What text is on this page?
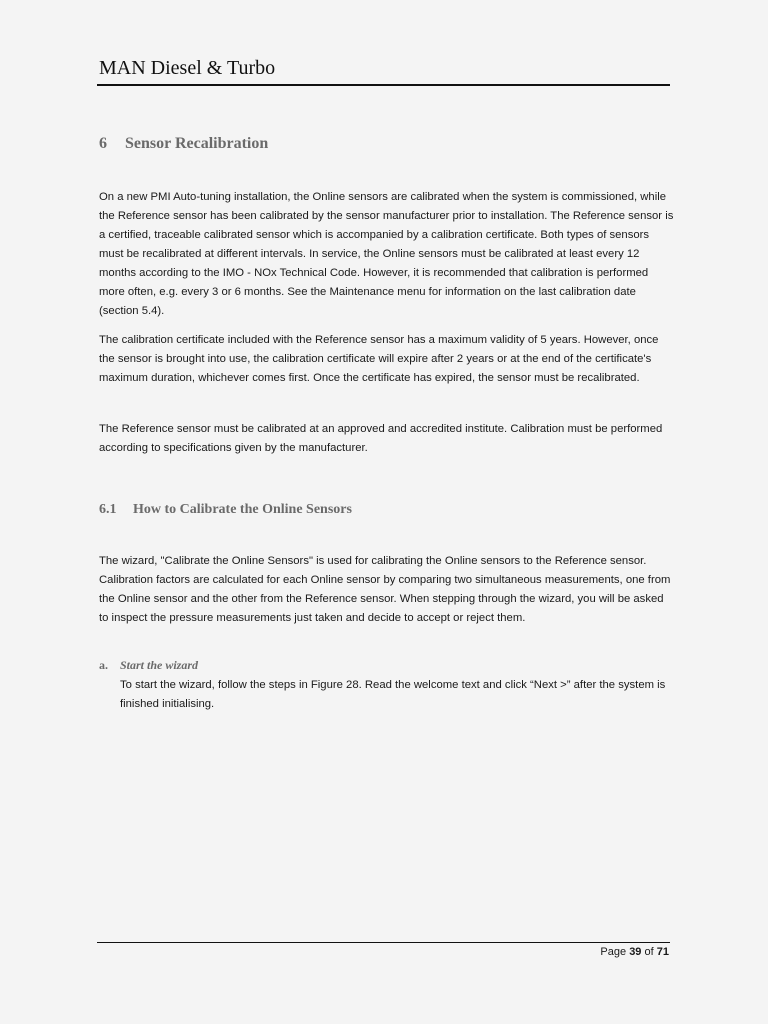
MAN Diesel & Turbo
6 Sensor Recalibration

On a new PMI Auto-tuning installation, the Online sensors are calibrated when the system is commissioned, while the Reference sensor has been calibrated by the sensor manufacturer prior to installation. The Reference sensor is a certified, traceable calibrated sensor which is accompanied by a calibration certificate. Both types of sensors must be recalibrated at different intervals. In service, the Online sensors must be calibrated at least every 12 months according to the IMO - NOx Technical Code. However, it is recommended that calibration is performed more often, e.g. every 3 or 6 months. See the Maintenance menu for information on the last calibration date (section 5.4).

The calibration certificate included with the Reference sensor has a maximum validity of 5 years. However, once the sensor is brought into use, the calibration certificate will expire after 2 years or at the end of the certificate's maximum duration, whichever comes first. Once the certificate has expired, the sensor must be recalibrated.

The Reference sensor must be calibrated at an approved and accredited institute. Calibration must be performed according to specifications given by the manufacturer.

6.1 How to Calibrate the Online Sensors

The wizard, "Calibrate the Online Sensors" is used for calibrating the Online sensors to the Reference sensor. Calibration factors are calculated for each Online sensor by comparing two simultaneous measurements, one from the Online sensor and the other from the Reference sensor. When stepping through the wizard, you will be asked to inspect the pressure measurements just taken and decide to accept or reject them.

a. Start the wizard

To start the wizard, follow the steps in Figure 28. Read the welcome text and click “Next >” after the system is finished initialising.

Page 39 of 71
